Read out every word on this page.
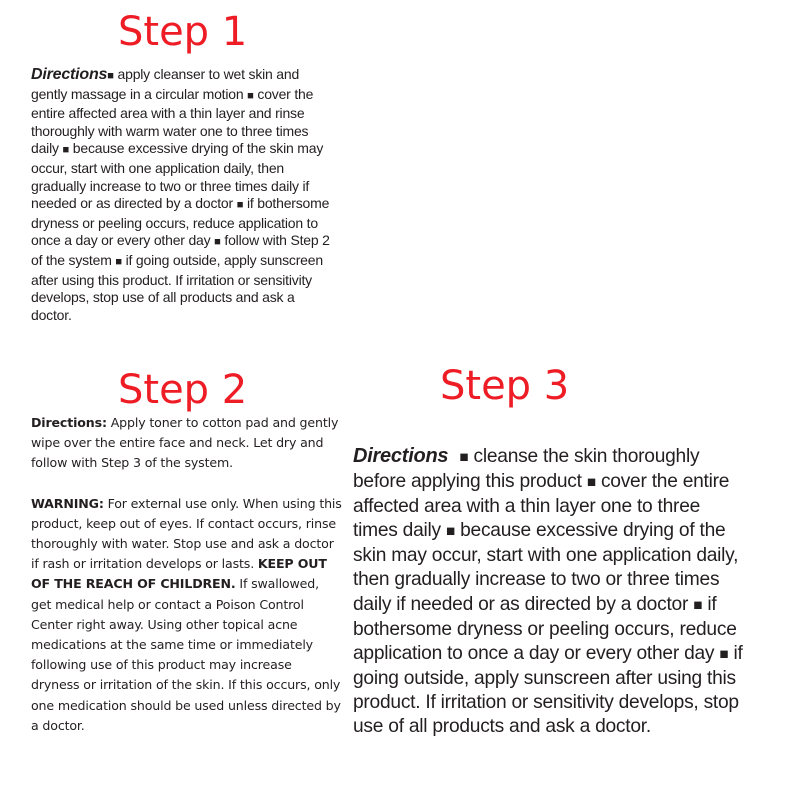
Step 1
Directions■ apply cleanser to wet skin and gently massage in a circular motion ■ cover the entire affected area with a thin layer and rinse thoroughly with warm water one to three times daily ■ because excessive drying of the skin may occur, start with one application daily, then gradually increase to two or three times daily if needed or as directed by a doctor ■ if bothersome dryness or peeling occurs, reduce application to once a day or every other day ■ follow with Step 2 of the system ■ if going outside, apply sunscreen after using this product. If irritation or sensitivity develops, stop use of all products and ask a doctor.
Step 2

Directions: Apply toner to cotton pad and gently wipe over the entire face and neck. Let dry and follow with Step 3 of the system.

WARNING: For external use only. When using this product, keep out of eyes. If contact occurs, rinse thoroughly with water. Stop use and ask a doctor if rash or irritation develops or lasts. KEEP OUT OF THE REACH OF CHILDREN. If swallowed, get medical help or contact a Poison Control Center right away. Using other topical acne medications at the same time or immediately following use of this product may increase dryness or irritation of the skin. If this occurs, only one medication should be used unless directed by a doctor.

Step 3
Directions ■ cleanse the skin thoroughly before applying this product ■ cover the entire affected area with a thin layer one to three times daily ■ because excessive drying of the skin may occur, start with one application daily, then gradually increase to two or three times daily if needed or as directed by a doctor ■ if bothersome dryness or peeling occurs, reduce application to once a day or every other day ■ if going outside, apply sunscreen after using this product. If irritation or sensitivity develops, stop use of all products and ask a doctor.
